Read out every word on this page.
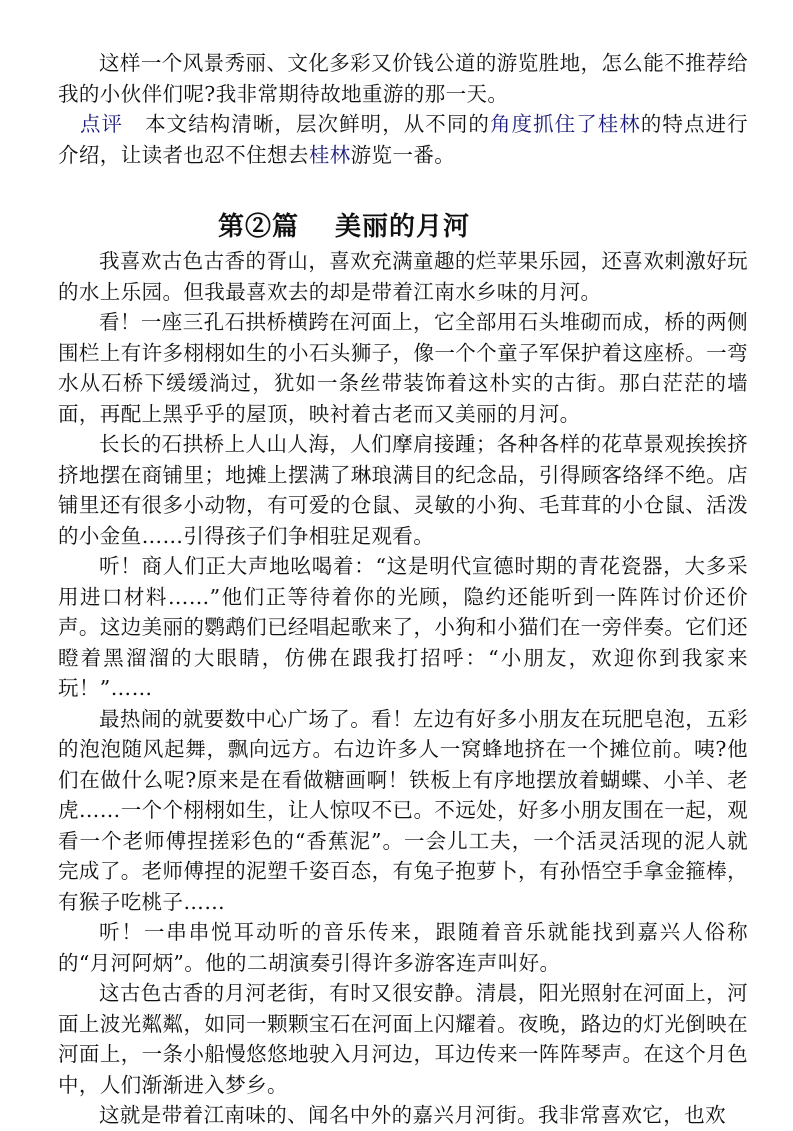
这样一个风景秀丽、文化多彩又价钱公道的游览胜地，怎么能不推荐给我的小伙伴们呢?我非常期待故地重游的那一天。

点评 本文结构清晰，层次鲜明，从不同的角度抓住了桂林的特点进行介绍，让读者也忍不住想去桂林游览一番。

第②篇 美丽的月河

我喜欢古色古香的胥山，喜欢充满童趣的烂苹果乐园，还喜欢刺激好玩的水上乐园。但我最喜欢去的却是带着江南水乡味的月河。

看！一座三孔石拱桥横跨在河面上，它全部用石头堆砌而成，桥的两侧围栏上有许多栩栩如生的小石头狮子，像一个个童子军保护着这座桥。一弯水从石桥下缓缓淌过，犹如一条丝带装饰着这朴实的古街。那白茫茫的墙面，再配上黑乎乎的屋顶，映衬着古老而又美丽的月河。

长长的石拱桥上人山人海，人们摩肩接踵；各种各样的花草景观挨挨挤挤地摆在商铺里；地摊上摆满了琳琅满目的纪念品，引得顾客络绎不绝。店铺里还有很多小动物，有可爱的仓鼠、灵敏的小狗、毛茸茸的小仓鼠、活泼的小金鱼……引得孩子们争相驻足观看。

听！商人们正大声地吆喝着：“这是明代宣德时期的青花瓷器，大多采用进口材料……”他们正等待着你的光顾，隐约还能听到一阵阵讨价还价声。这边美丽的鹦鹉们已经唱起歌来了，小狗和小猫们在一旁伴奏。它们还瞪着黑溜溜的大眼睛，仿佛在跟我打招呼：“小朋友，欢迎你到我家来玩！”……

最热闹的就要数中心广场了。看！左边有好多小朋友在玩肥皂泡，五彩的泡泡随风起舞，飘向远方。右边许多人一窝蜂地挤在一个摊位前。咦?他们在做什么呢?原来是在看做糖画啊！铁板上有序地摆放着蝴蝶、小羊、老虎……一个个栩栩如生，让人惊叹不已。不远处，好多小朋友围在一起，观看一个老师傅捏搓彩色的“香蕉泥”。一会儿工夫，一个活灵活现的泥人就完成了。老师傅捏的泥塑千姿百态，有兔子抱萝卜，有孙悟空手拿金箍棒，有猴子吃桃子……

听！一串串悦耳动听的音乐传来，跟随着音乐就能找到嘉兴人俗称的“月河阿炳”。他的二胡演奏引得许多游客连声叫好。

这古色古香的月河老街，有时又很安静。清晨，阳光照射在河面上，河面上波光粼粼，如同一颗颗宝石在河面上闪耀着。夜晚，路边的灯光倒映在河面上，一条小船慢悠悠地驶入月河边，耳边传来一阵阵琴声。在这个月色中，人们渐渐进入梦乡。

这就是带着江南味的、闻名中外的嘉兴月河街。我非常喜欢它，也欢
